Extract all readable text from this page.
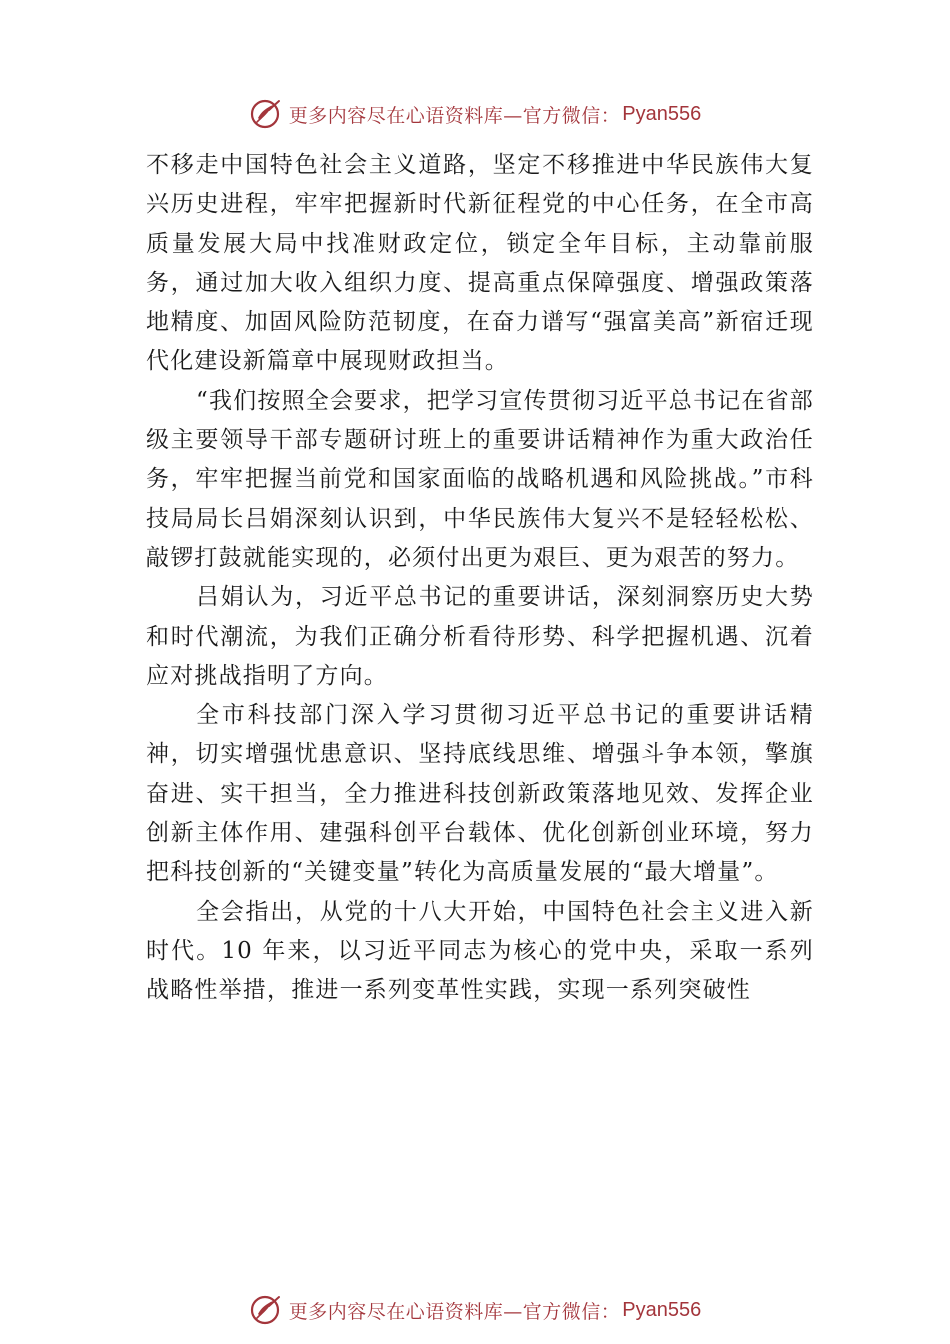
更多内容尽在心语资料库—官方微信： Pyan556

不移走中国特色社会主义道路，坚定不移推进中华民族伟大复兴历史进程，牢牢把握新时代新征程党的中心任务，在全市高质量发展大局中找准财政定位，锁定全年目标，主动靠前服务，通过加大收入组织力度、提高重点保障强度、增强政策落地精度、加固风险防范韧度，在奋力谱写“强富美高”新宿迁现代化建设新篇章中展现财政担当。

“我们按照全会要求，把学习宣传贯彻习近平总书记在省部级主要领导干部专题研讨班上的重要讲话精神作为重大政治任务，牢牢把握当前党和国家面临的战略机遇和风险挑战。”市科技局局长吕娟深刻认识到，中华民族伟大复兴不是轻轻松松、敲锣打鼓就能实现的，必须付出更为艰巨、更为艰苦的努力。

吕娟认为，习近平总书记的重要讲话，深刻洞察历史大势和时代潮流，为我们正确分析看待形势、科学把握机遇、沉着应对挑战指明了方向。

全市科技部门深入学习贯彻习近平总书记的重要讲话精神，切实增强忧患意识、坚持底线思维、增强斗争本领，擎旗奋进、实干担当，全力推进科技创新政策落地见效、发挥企业创新主体作用、建强科创平台载体、优化创新创业环境，努力把科技创新的“关键变量”转化为高质量发展的“最大增量”。

全会指出，从党的十八大开始，中国特色社会主义进入新时代。10 年来，以习近平同志为核心的党中央，采取一系列战略性举措，推进一系列变革性实践，实现一系列突破性

更多内容尽在心语资料库—官方微信： Pyan556
